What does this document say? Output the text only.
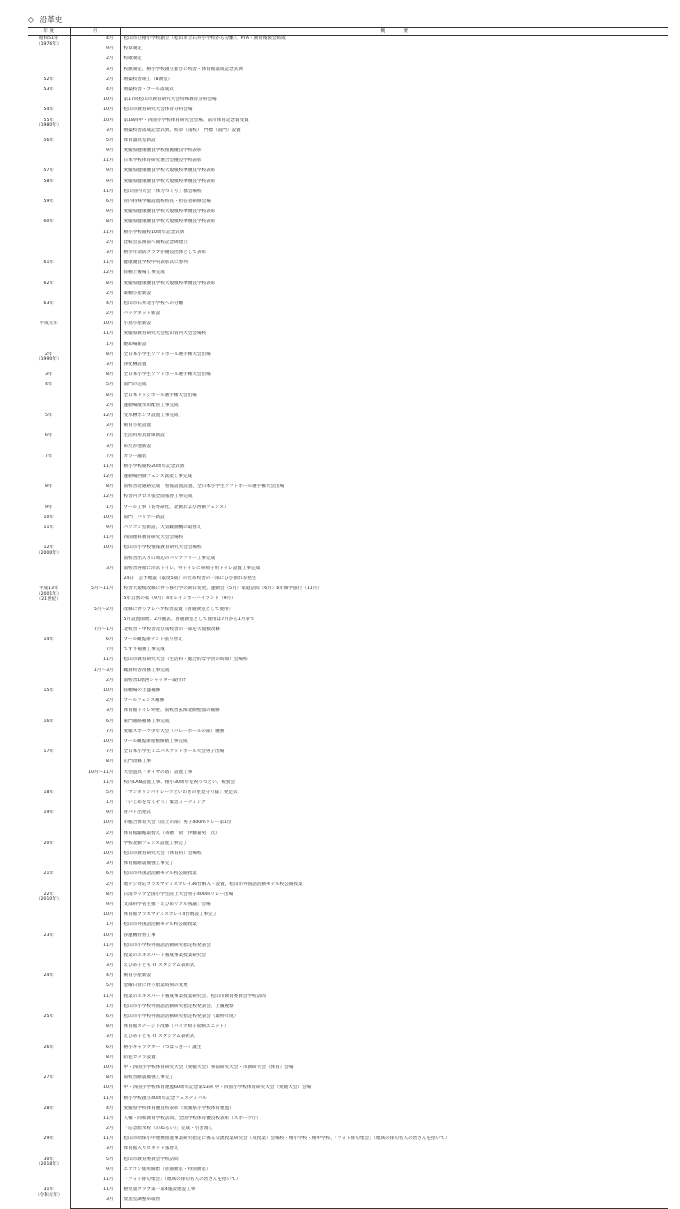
◇ 沿革史
年 度	月	概　　　　要

昭和51年
（1976年）	4月	松山市立椿小学校創立（松山市立石井小学校から分離）、PTA・教育後援会結成
	9月	校章制定
	2月	校歌制定
	3月	校旗制定、椿小学校創立並びに校舎・体育館落成記念式典

52年	2月	増築校舎竣工（8教室）

53年	4月	増築校舎・プール落成式
	10月	第17回松山市教育研究大会特殊教育分科会場

54年	10月	松山市教育研究大会体育分科会場

55年
（1980年）	10月	第18回中・四国小学校体育研究会会場、前川体育記念賞受賞
	3月	増築校舎落成記念式典、校章（南校）　門標（南門）設置

56年	5月	体育器具室新設
	9月	愛媛県健康優良学校推薦優良学校表彰
	11月	日本学校体育研究連合会優良学校表彰

57年	9月	愛媛県健康優良学校大規模校準優良学校表彰

58年	9月	愛媛県健康優良学校大規模校準優良学校表彰
	11月	松山管内大会「体力つくり」郡会場校

59年	6月	管内特殊学級設置校校長・担任者研修会場
	9月	愛媛県健康優良学校大規模校準優良学校表彰

60年	8月	愛媛県健康優良学校大規模校準優良学校表彰
	11月	椿小学校開校10周年記念式典
	2月	比較会玄関前へ開校記念碑建立
	3月	椿少年消防クラブが優良団体として表彰

61年	11月	健康優良学校中央表彰式に参列
	12月	陸棚上後場工事完成

62年	8月	愛媛県健康優良学校大規模校準優良学校表彰
	2月	楽棚小屋新設

63年	4月	松山市石井北小学校への分離
	2月	バックネット新設

平成元年	10月	小鳥小屋新設
	11月	愛媛県教育研究大会松山管内大会会場校
	1月	焼却場新設

2年
（1990年）	8月	全日本小学生ソフトボール選手権大会出場
	3月	浄化槽設置

3年	8月	全日本小学生ソフトボール選手権大会出場

4年	5月	南門の完成
	8月	全日本ドッジボール選手権大会出場
	2月	運動場散水用配管工事完成

5年	12月	受水槽ポンプ設置工事完成
	3月	飼育小屋設置

6年	7月	生活科用具倉庫新設
	3月	めだか池新設

7年	7月	カラー舗装
	11月	椿小学校開校20周年記念式典
	12月	運動場西側フェンス嵩架工事完成

8年	8月	南校舎北通路完成　警報設置設置、全日本小学生ソフトボール選手権大会出場
	12月	校舎内クロス張全面張替工事完成

9年	1月	プール工事（長寿命化、北側および西側フェンス）

10年	10月	南門　バリアー新設

11年	9月	パソコン室新設、大気観測機の取替え
	11月	四国理科教育研究大会会場校

12年
（2000年）	10月	松山市小学校情報教育研究大会会場校
		南校舎出入り口周辺のバリアフリー工事完成
	3月	南校舎各階に洋式トイレ、外トイレに車椅子用トイレ設置工事完成
		24日　芸予地震（震度5弱）のため校舎の一部にひび割れ等発生

平成13年
（2001年）
（21世紀）	5月～11月	校舎大規模改修に伴う移行学の期日変更。運動会（5月）家庭訪問（6月）6年修学旅行（11月）
		5年自然の家（9月）4年レインボーハイランド（9月）
	5月～2月	改修に伴うプレハブ校舎設置（普通教室として使用）
		5月設置開始、2月撤去。普通教室として使用は7月から1月まで
	7月～1月	北校舎・中校舎及び南校舎の一部を大規模改修

14年	6月	プール観覧席テント張り替え
	7月	てすり補強工事完成
	11月	松山市教育研究大会（生活科・総合的な学習の時間）会場校
	1月～3月	職員校舎改修工事完成
	2月	南校舎1階西シャッター取付け

15年	10月	陸棚場の土盛補修
	2月	プールフェンス補修
	3月	体育館トイレ外壁、南校舎玄関北側壁面の補修

16年	6月	東門通路補修工事完成
	7月	愛媛スポーツ少年大会（バレーボールの部）優勝
	10月	プール観覧席屋根修繕工事完成

17年	7月	全日本小学生ミニバスケットボール大会男子出場
	8月	正門改修工事
	10月～11月	大型遊具「ダイヤの塔」設置工事
	11月	校内LAN設置工事、椿小30周年を祝うつどい、祝賀会

18年	5月	「マンダリンパイレーツといわぎの里見守り隊」発足式
	1月	「いじめをなくそう」緊急ミーティング

19年	9月	青パト出発式
	10月	市総合体育大会（陸上の部）男子400mリレー第1位
	2月	体育館緞帳取替え（寄贈　故　伊藤嘉男　氏）

20年	9月	学校北側フェンス設置工事完了
	10月	松山市教育研究大会（体育科）会場校
	3月	体育館耐震補強工事完了

21年	6月	松山市外国語活動モデル校公開授業
	2月	地デジ対応プラズマディスプレイ36台納入・設置、松山市外国語活動モデル校公開授業

22年
（2010年）	8月	日清カップ全国小学生陸上大会男子400mリレー出場
	9月	文部科学省主催「えひめリアル熟議」会場
	10月	体育館プラズマディスプレイ4台増設工事完了
	1月	松山市外国語活動モデル校公開授業

23年	10月	渉運機付替工事
	11月	松山市小学校外国語活動研究指定校発表会
	1月	授業のエキスパート養成事業授業研究会
	3月	えひめ子ども IT スタジアム表彰式

24年	4月	飼育小屋新設
	5月	金曜日食に伴う給業時刻の変更
	11月	授業のエキスパート養成事業授業研究会、松山市教育委員会学校訪問
	1月	松山市小学校外国語活動研究指定校発表会、上級視察

25年	6月	松山市小学校外国語活動研究指定校発表会（最終年度）
	8月	体育館ステージ下改修（パイプ椅子収納ユニット）
	3月	えひめ子ども IT スタジアム表彰式

26年	6月	椿小キャラクター（つばっきー）誕生
	8月	防犯カメラ設置
	10月	中・四国小学校体育研究大会（愛媛大会）事前研究大会・市教研大会（体育）会場

27年	8月	南校舎耐震補強工事完了
	10月	中・四国小学校体育連盟60周年記念第53回 中・四国小学校体育研究大会（愛媛大会）会場
	11月	椿小学校創立40周年記念フェスティバル

28年	4月	愛媛県学校体育優良校表彰（愛媛県小学校体育連盟）
	11月	人権・同和教育学校訪問、全国学校体育優良校表彰（スポーツ庁）
	2月	「応急給水栓（のぬるい）」完成・引き渡し

29年	11月	松山市幼保小中連携推進事業研究指定に係る交流授業研究会（及授業）会場校・椿小学校・椿中学校、「フォト俳句集会」（地域の俳句名人の皆さんを招いて）
	3月	体育館入りロネット張替え

30年
（2018年）	5月	松山市教育委員会学校訪問
	9月	エアコン使用開始（普通教室・特別教室）
	11月	「フォト俳句集会」（地域の俳句名人の皆さんを招いて）

31年
（令和元年）	11月	椿児童クラブ第一第4施設建設工事
	3月	放送室調整卓取替
